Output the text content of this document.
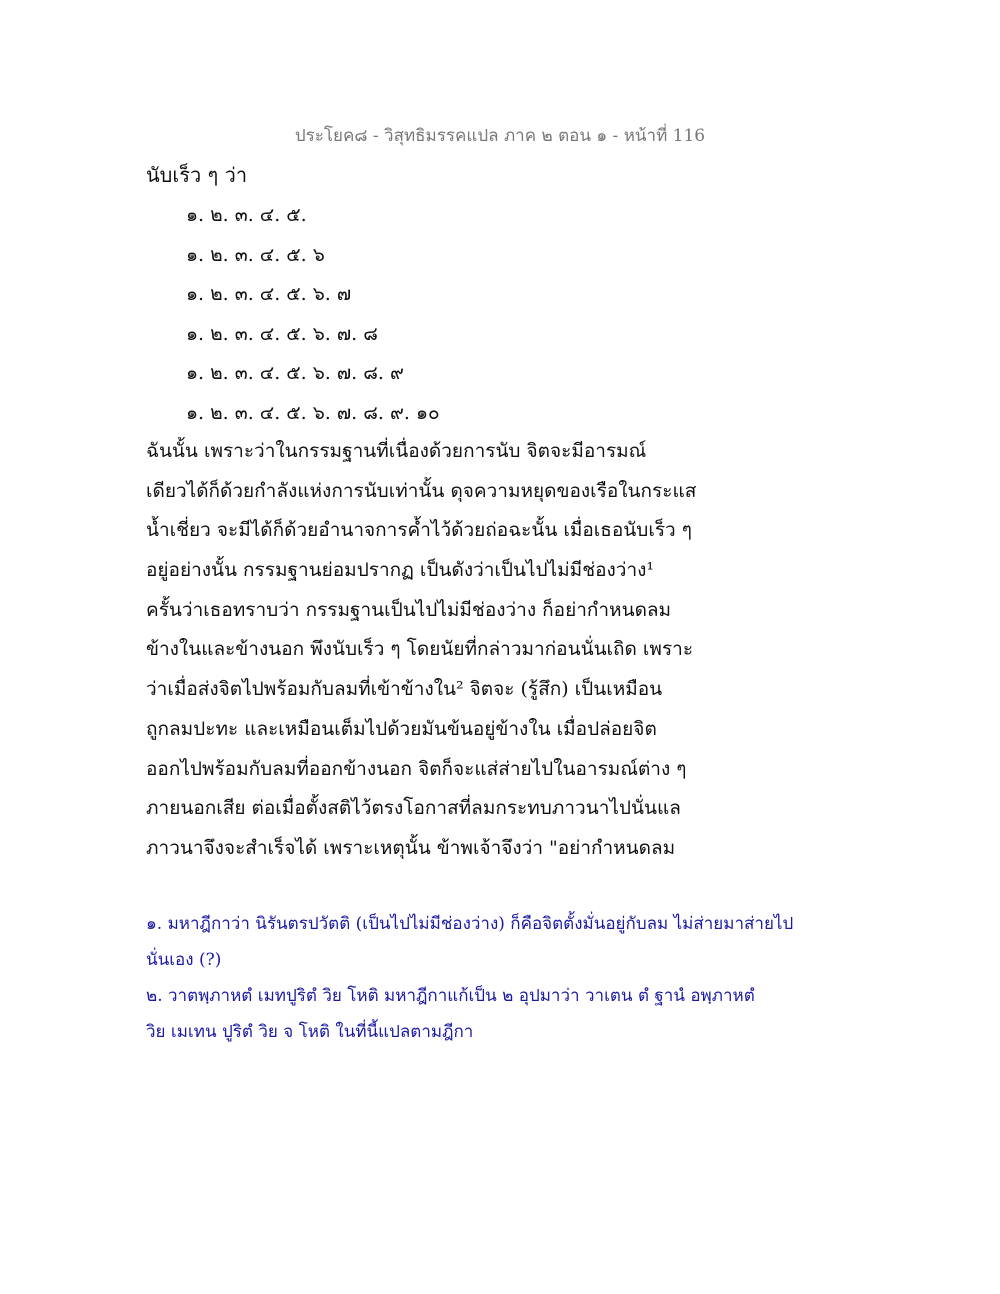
ประโยค๘ - วิสุทธิมรรคแปล ภาค ๒ ตอน ๑ - หน้าที่ 116
นับเร็ว ๆ ว่า
๑. ๒. ๓. ๔. ๕.
๑. ๒. ๓. ๔. ๕. ๖
๑. ๒. ๓. ๔. ๕. ๖. ๗
๑. ๒. ๓. ๔. ๕. ๖. ๗. ๘
๑. ๒. ๓. ๔. ๕. ๖. ๗. ๘. ๙
๑. ๒. ๓. ๔. ๕. ๖. ๗. ๘. ๙. ๑๐
ฉันนั้น เพราะว่าในกรรมฐานที่เนื่องด้วยการนับ จิตจะมีอารมณ์
เดียวได้ก็ด้วยกำลังแห่งการนับเท่านั้น ดุจความหยุดของเรือในกระแส
น้ำเชี่ยว จะมีได้ก็ด้วยอำนาจการค้ำไว้ด้วยถ่อฉะนั้น เมื่อเธอนับเร็ว ๆ
อยู่อย่างนั้น กรรมฐานย่อมปรากฏ เป็นดังว่าเป็นไปไม่มีช่องว่าง¹
ครั้นว่าเธอทราบว่า กรรมฐานเป็นไปไม่มีช่องว่าง ก็อย่ากำหนดลม
ข้างในและข้างนอก พึงนับเร็ว ๆ โดยนัยที่กล่าวมาก่อนนั่นเถิด เพราะ
ว่าเมื่อส่งจิตไปพร้อมกับลมที่เข้าข้างใน² จิตจะ (รู้สึก) เป็นเหมือน
ถูกลมปะทะ และเหมือนเต็มไปด้วยมันข้นอยู่ข้างใน เมื่อปล่อยจิต
ออกไปพร้อมกับลมที่ออกข้างนอก จิตก็จะแส่ส่ายไปในอารมณ์ต่าง ๆ
ภายนอกเสีย ต่อเมื่อตั้งสติไว้ตรงโอกาสที่ลมกระทบภาวนาไปนั่นแล
ภาวนาจึงจะสำเร็จได้ เพราะเหตุนั้น ข้าพเจ้าจึงว่า "อย่ากำหนดลม
๑. มหาฎีกาว่า นิรันตรปวัตติ (เป็นไปไม่มีช่องว่าง) ก็คือจิตตั้งมั่นอยู่กับลม ไม่ส่ายมาส่ายไป
นั่นเอง (?)
๒. วาตพฺภาหตํ เมทปูริตํ วิย โหติ มหาฎีกาแก้เป็น ๒ อุปมาว่า วาเตน ตํ ฐานํ อพฺภาหตํ
วิย เมเทน ปูริตํ วิย จ โหติ ในที่นี้แปลตามฎีกา
